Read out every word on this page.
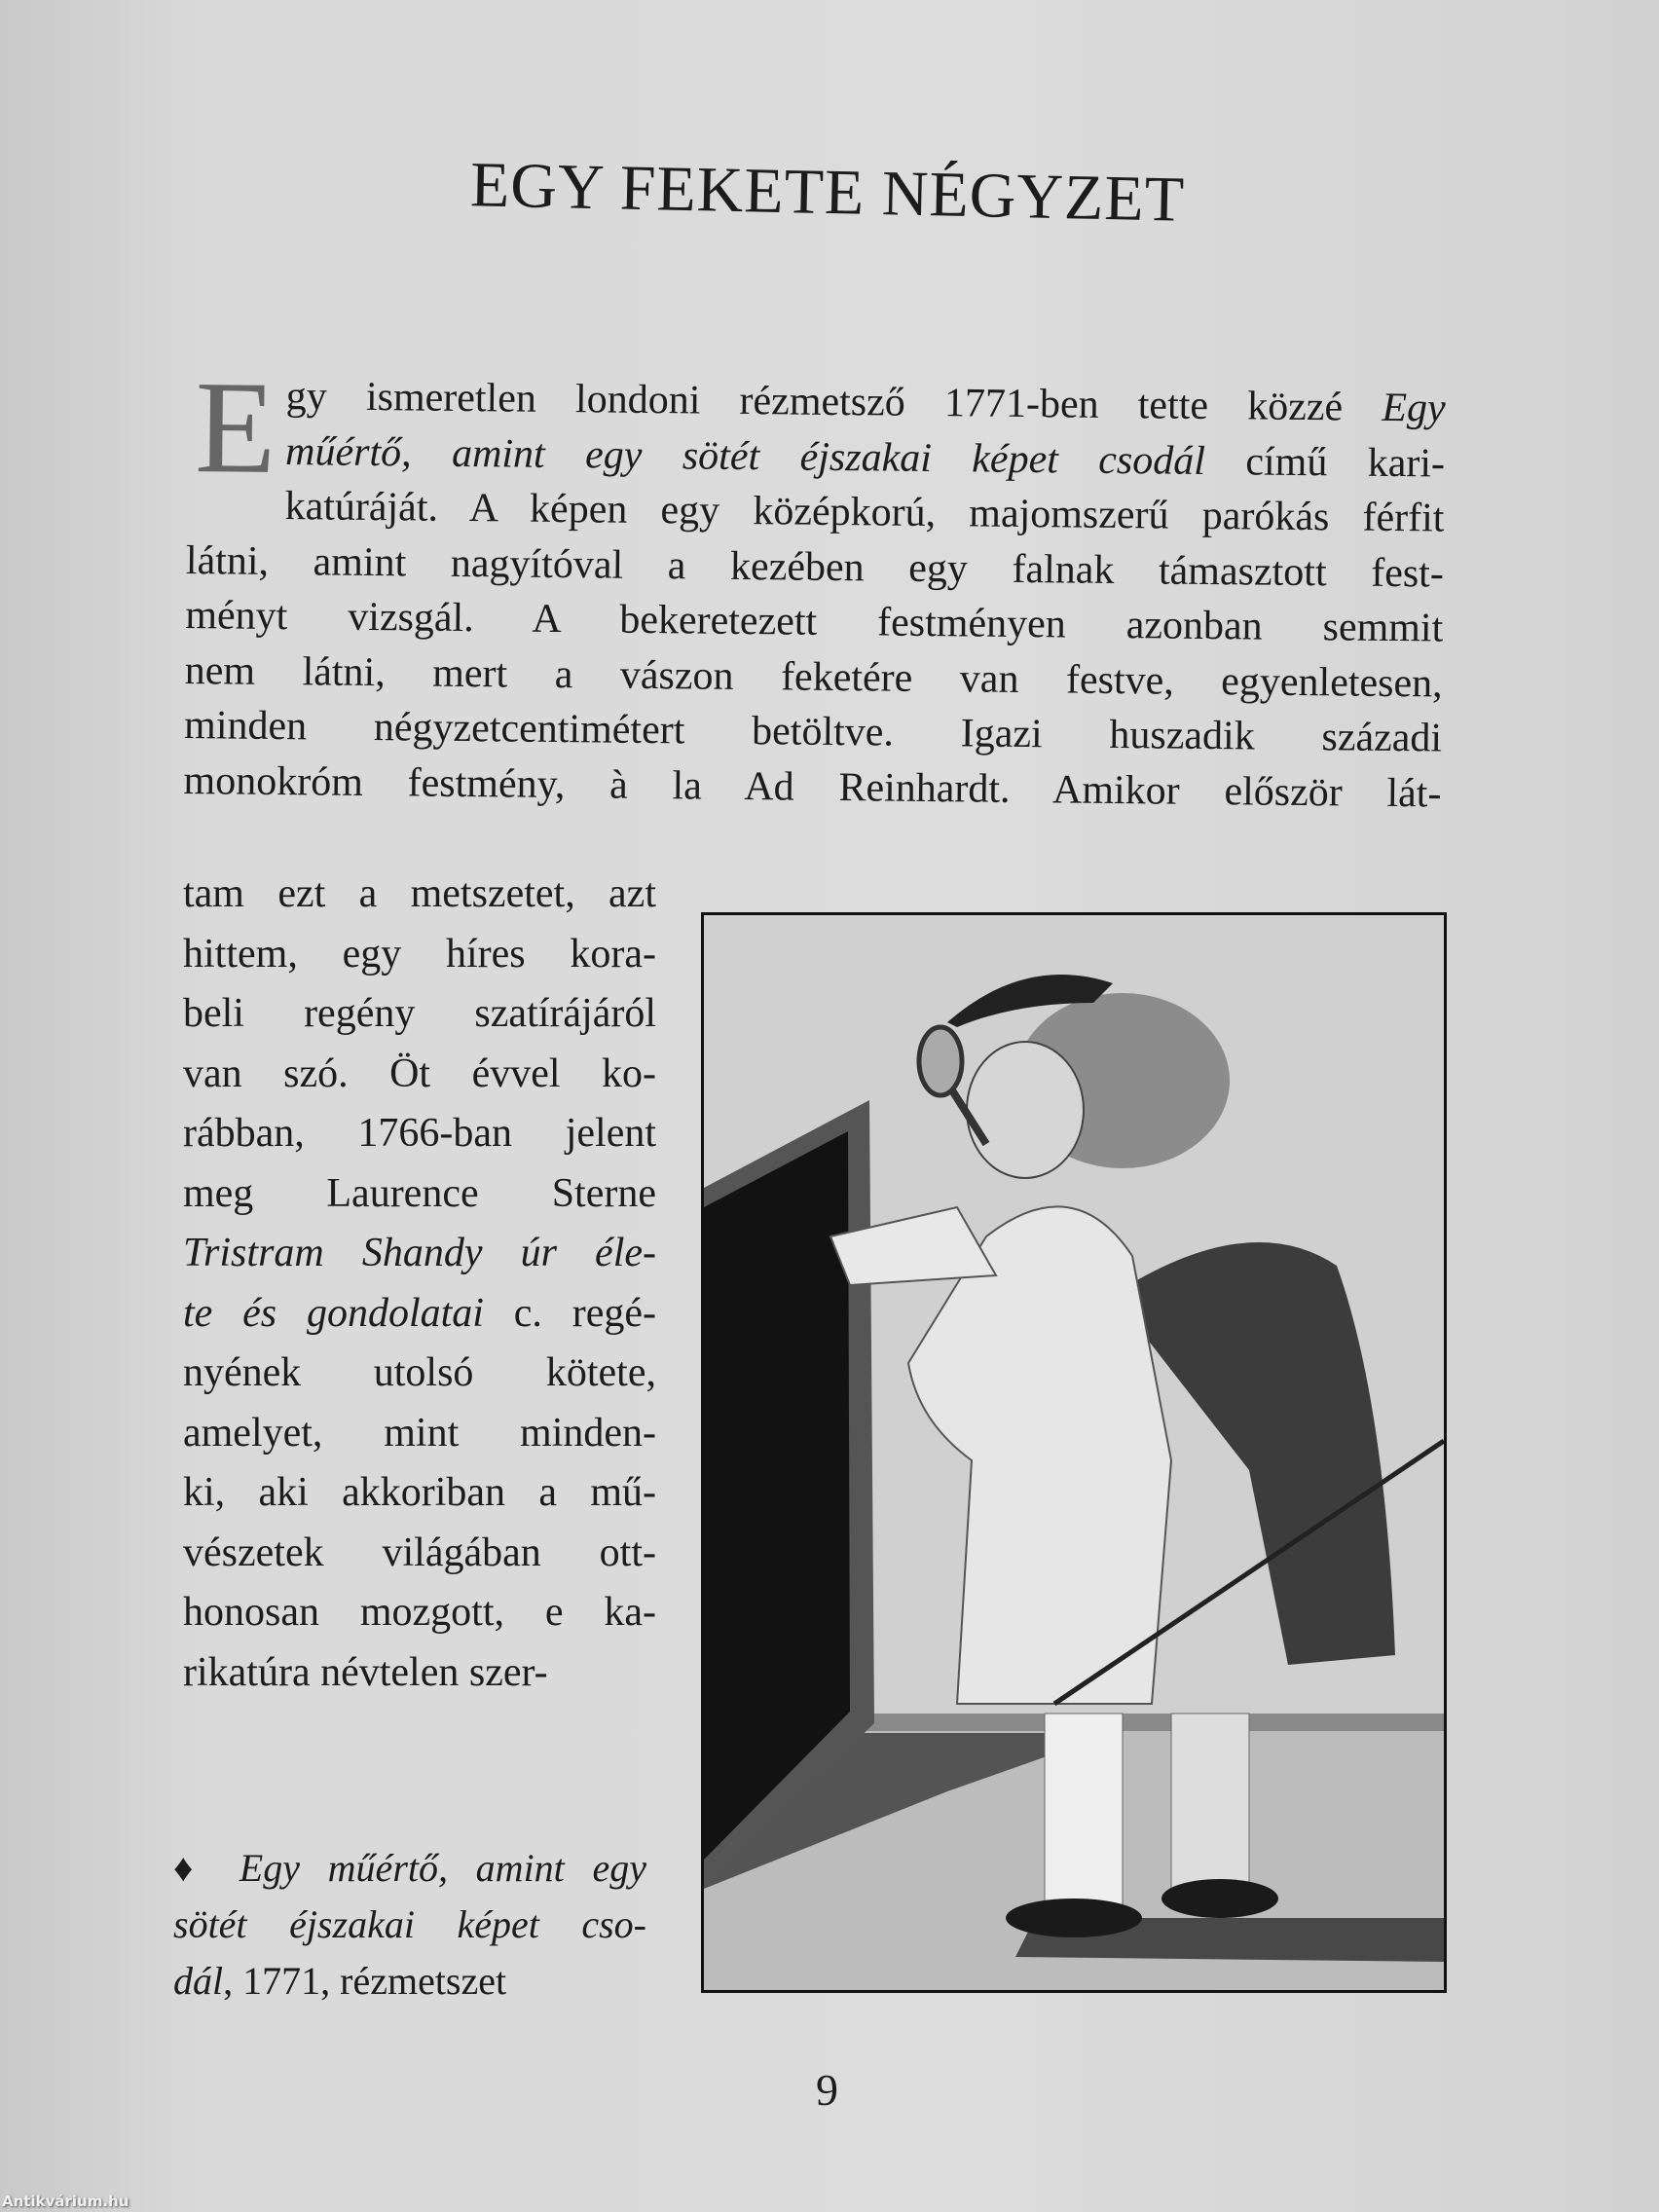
EGY FEKETE NÉGYZET
E gy ismeretlen londoni rézmetsző 1771-ben tette közzé Egy
műértő, amint egy sötét éjszakai képet csodál című kari-
katúráját. A képen egy középkorú, majomszerű parókás férfit
látni, amint nagyítóval a kezében egy falnak támasztott fest-
ményt vizsgál. A bekeretezett festményen azonban semmit
nem látni, mert a vászon feketére van festve, egyenletesen,
minden négyzetcentimétert betöltve. Igazi huszadik századi
monokróm festmény, à la Ad Reinhardt. Amikor először lát-
tam ezt a metszetet, azt
hittem, egy híres kora-
beli regény szatírájáról
van szó. Öt évvel ko-
rábban, 1766-ban jelent
meg Laurence Sterne
Tristram Shandy úr éle-
te és gondolatai c. regé-
nyének utolsó kötete,
amelyet, mint minden-
ki, aki akkoriban a mű-
vészetek világában ott-
honosan mozgott, e ka-
rikatúra névtelen szer-
♦ Egy műértő, amint egy
sötét éjszakai képet cso-
dál, 1771, rézmetszet
9
Antikvárium.hu
